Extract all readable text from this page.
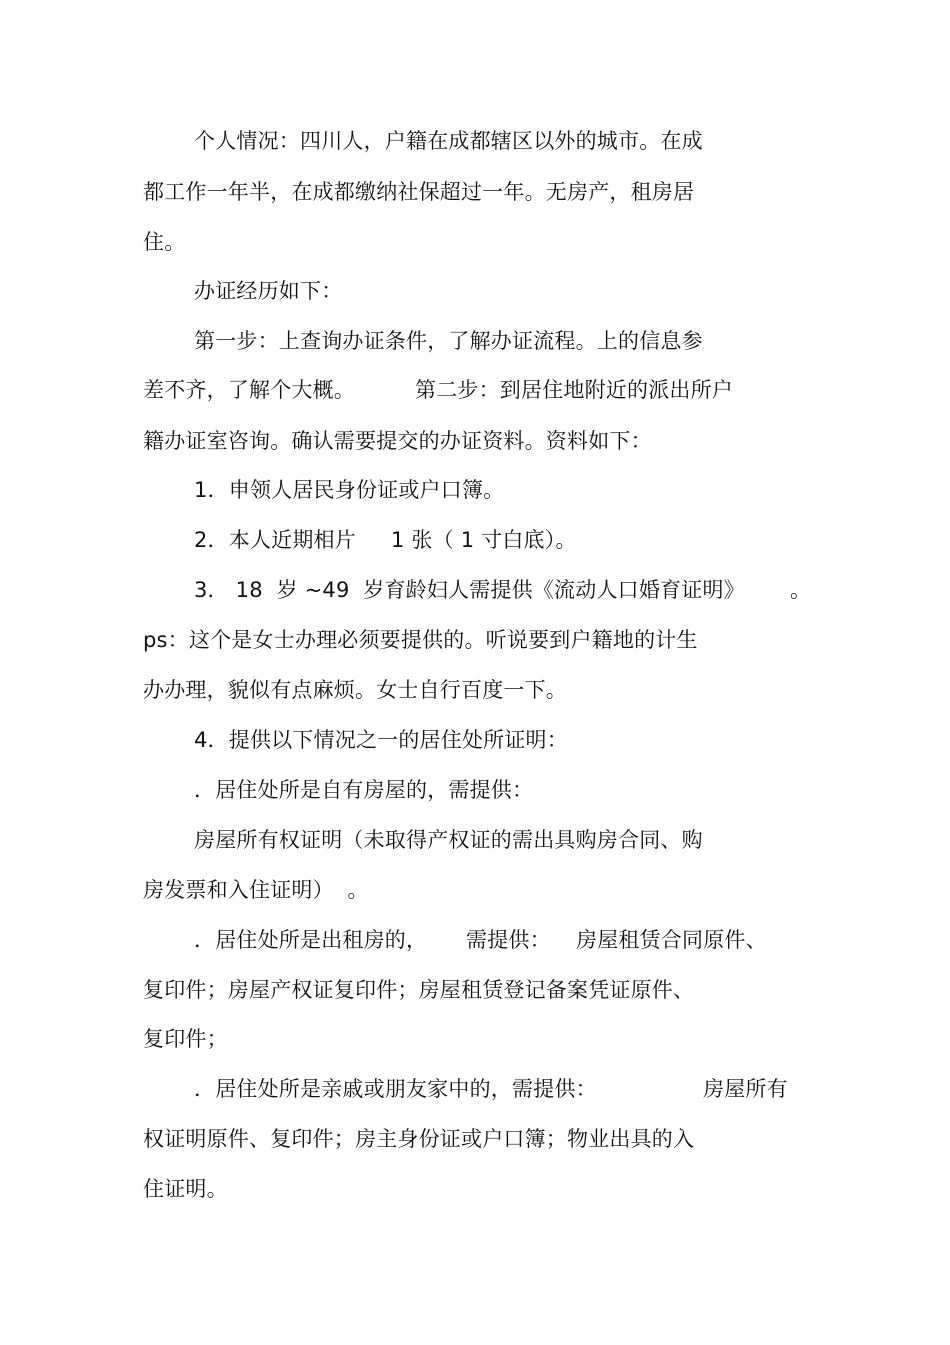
个人情况：四川人，户籍在成都辖区以外的城市。在成
都工作一年半，在成都缴纳社保超过一年。无房产，租房居
住。
办证经历如下：
第一步：上查询办证条件，了解办证流程。上的信息参
差不齐，了解个大概。	第二步：到居住地附近的派出所户
籍办证室咨询。确认需要提交的办证资料。资料如下：
1．申领人居民身份证或户口簿。
2．本人近期相片 1 张（ 1 寸白底）。
3． 18  岁 ~49  岁育龄妇人需提供《流动人口婚育证明》 。
ps：这个是女士办理必须要提供的。听说要到户籍地的计生
办办理，貌似有点麻烦。女士自行百度一下。
4．提供以下情况之一的居住处所证明：
．居住处所是自有房屋的，需提供：
房屋所有权证明（未取得产权证的需出具购房合同、购
房发票和入住证明）  。
．居住处所是出租房的， 需提供： 房屋租赁合同原件、
复印件；房屋产权证复印件；房屋租赁登记备案凭证原件、
复印件；
．居住处所是亲戚或朋友家中的，需提供：	房屋所有
权证明原件、复印件；房主身份证或户口簿；物业出具的入
住证明。
